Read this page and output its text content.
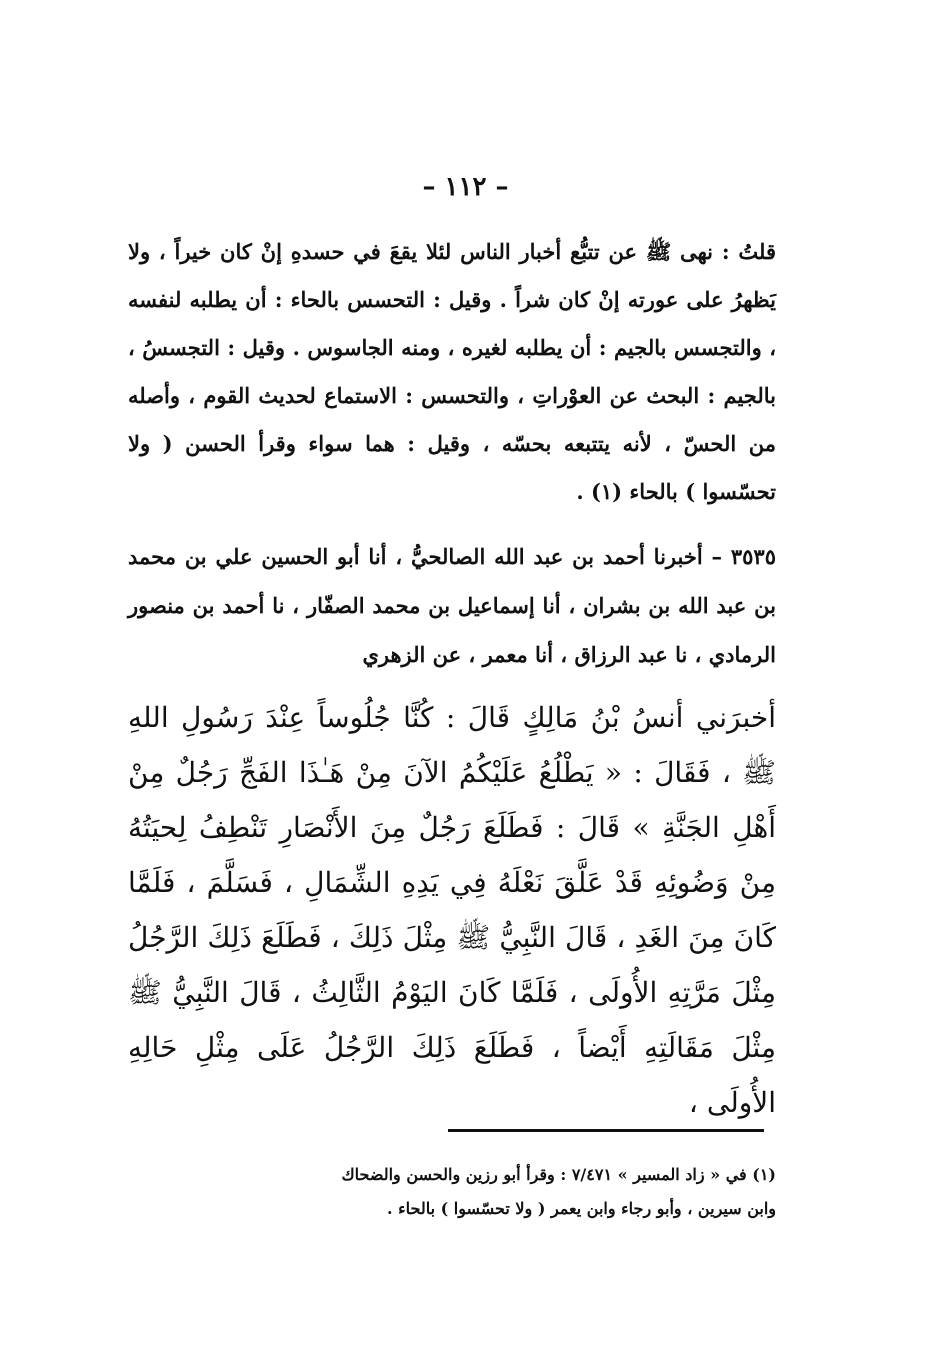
– ١١٢ –
قلتُ : نهى ﷺ عن تتبُّع أخبار الناس لئلا يقعَ في حسدهِ إنْ كان خيراً ، ولا يَظهرُ على عورته إنْ كان شراً . وقيل : التحسس بالحاء : أن يطلبه لنفسه ، والتجسس بالجيم : أن يطلبه لغيره ، ومنه الجاسوس . وقيل : التجسسُ ، بالجيم : البحث عن العوْراتِ ، والتحسس : الاستماع لحديث القوم ، وأصله من الحسّ ، لأنه يتتبعه بحسّه ، وقيل : هما سواء وقرأ الحسن ( ولا تحسّسوا ) بالحاء (١) .
٣٥٣٥ – أخبرنا أحمد بن عبد الله الصالحيُّ ، أنا أبو الحسين علي بن محمد بن عبد الله بن بشران ، أنا إسماعيل بن محمد الصفّار ، نا أحمد بن منصور الرمادي ، نا عبد الرزاق ، أنا معمر ، عن الزهري
أخبرَني أنسُ بْنُ مَالِكٍ قَالَ : كُنَّا جُلُوساً عِنْدَ رَسُولِ اللهِ ﷺ ، فَقَالَ : « يَطْلُعُ عَلَيْكُمُ الآنَ مِنْ هَـٰذَا الفَجِّ رَجُلٌ مِنْ أَهْلِ الجَنَّةِ » قَالَ : فَطَلَعَ رَجُلٌ مِنَ الأَنْصَارِ تَنْطِفُ لِحيَتُهُ مِنْ وَضُوئِهِ قَدْ عَلَّقَ نَعْلَهُ فِي يَدِهِ الشِّمَالِ ، فَسَلَّمَ ، فَلَمَّا كَانَ مِنَ الغَدِ ، قَالَ النَّبِيُّ ﷺ مِثْلَ ذَلِكَ ، فَطَلَعَ ذَلِكَ الرَّجُلُ مِثْلَ مَرَّتِهِ الأُولَى ، فَلَمَّا كَانَ اليَوْمُ الثَّالِثُ ، قَالَ النَّبِيُّ ﷺ مِثْلَ مَقَالَتِهِ أَيْضاً ، فَطَلَعَ ذَلِكَ الرَّجُلُ عَلَى مِثْلِ حَالِهِ الأُولَى ،
(١) في « زاد المسير » ٧/٤٧١ : وقرأ أبو رزين والحسن والضحاك
وابن سيرين ، وأبو رجاء وابن يعمر ( ولا تحسّسوا ) بالحاء .
